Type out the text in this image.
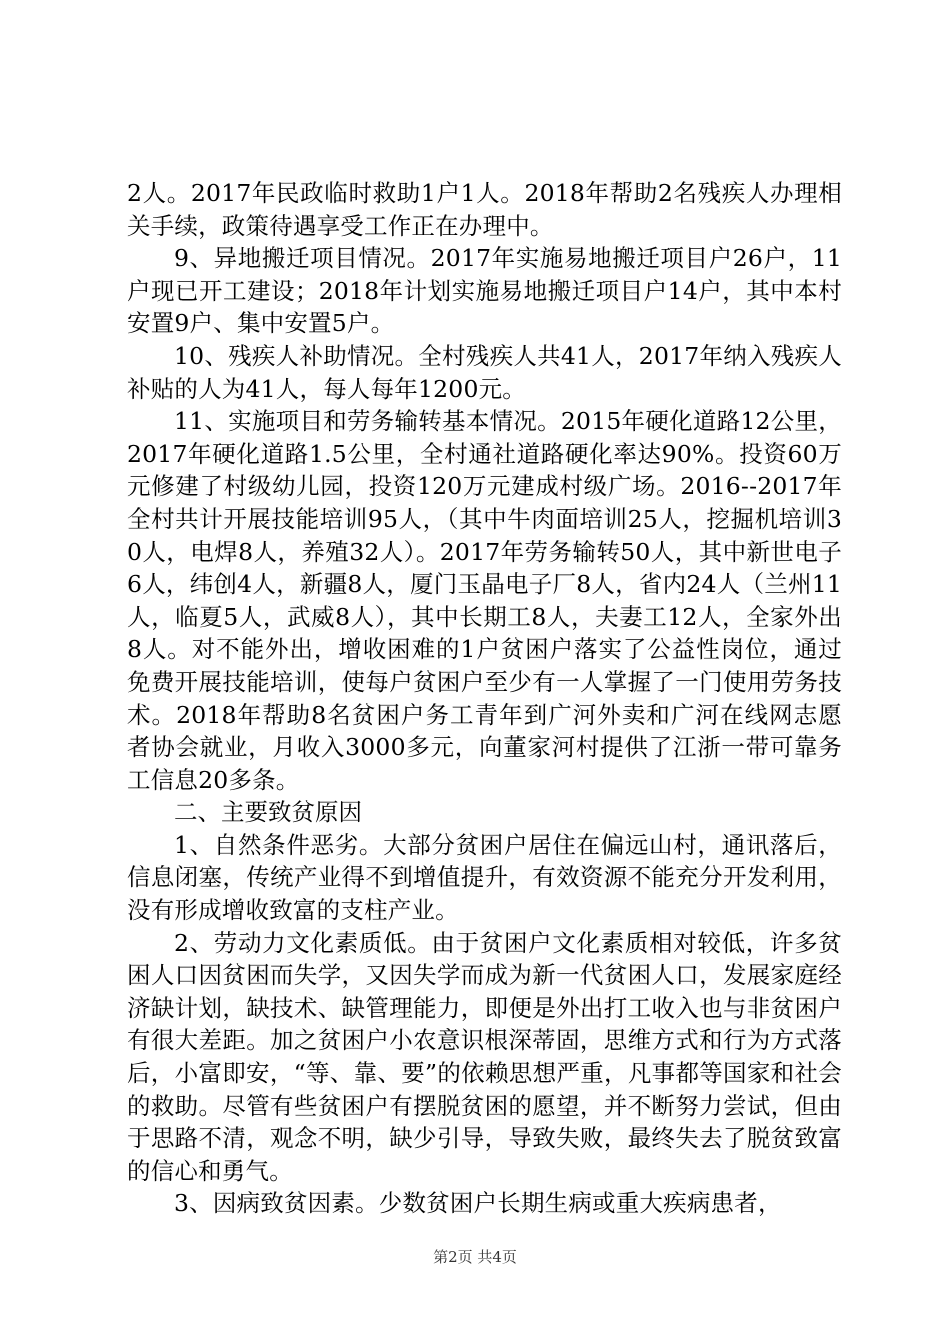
2人。2017年民政临时救助1户1人。2018年帮助2名残疾人办理相关手续，政策待遇享受工作正在办理中。

9、异地搬迁项目情况。2017年实施易地搬迁项目户26户，11户现已开工建设；2018年计划实施易地搬迁项目户14户，其中本村安置9户、集中安置5户。

10、残疾人补助情况。全村残疾人共41人，2017年纳入残疾人补贴的人为41人，每人每年1200元。

11、实施项目和劳务输转基本情况。2015年硬化道路12公里，2017年硬化道路1.5公里，全村通社道路硬化率达90%。投资60万元修建了村级幼儿园，投资120万元建成村级广场。2016--2017年全村共计开展技能培训95人，（其中牛肉面培训25人，挖掘机培训30人，电焊8人，养殖32人）。2017年劳务输转50人，其中新世电子6人，纬创4人，新疆8人，厦门玉晶电子厂8人，省内24人（兰州11人，临夏5人，武威8人），其中长期工8人，夫妻工12人，全家外出8人。对不能外出，增收困难的1户贫困户落实了公益性岗位，通过免费开展技能培训，使每户贫困户至少有一人掌握了一门使用劳务技术。2018年帮助8名贫困户务工青年到广河外卖和广河在线网志愿者协会就业，月收入3000多元，向董家河村提供了江浙一带可靠务工信息20多条。

二、主要致贫原因

1、自然条件恶劣。大部分贫困户居住在偏远山村，通讯落后，信息闭塞，传统产业得不到增值提升，有效资源不能充分开发利用，没有形成增收致富的支柱产业。

2、劳动力文化素质低。由于贫困户文化素质相对较低，许多贫困人口因贫困而失学，又因失学而成为新一代贫困人口，发展家庭经济缺计划，缺技术、缺管理能力，即便是外出打工收入也与非贫困户有很大差距。加之贫困户小农意识根深蒂固，思维方式和行为方式落后，小富即安，“等、靠、要”的依赖思想严重，凡事都等国家和社会的救助。尽管有些贫困户有摆脱贫困的愿望，并不断努力尝试，但由于思路不清，观念不明，缺少引导，导致失败，最终失去了脱贫致富的信心和勇气。

3、因病致贫因素。少数贫困户长期生病或重大疾病患者，

第2页 共4页
